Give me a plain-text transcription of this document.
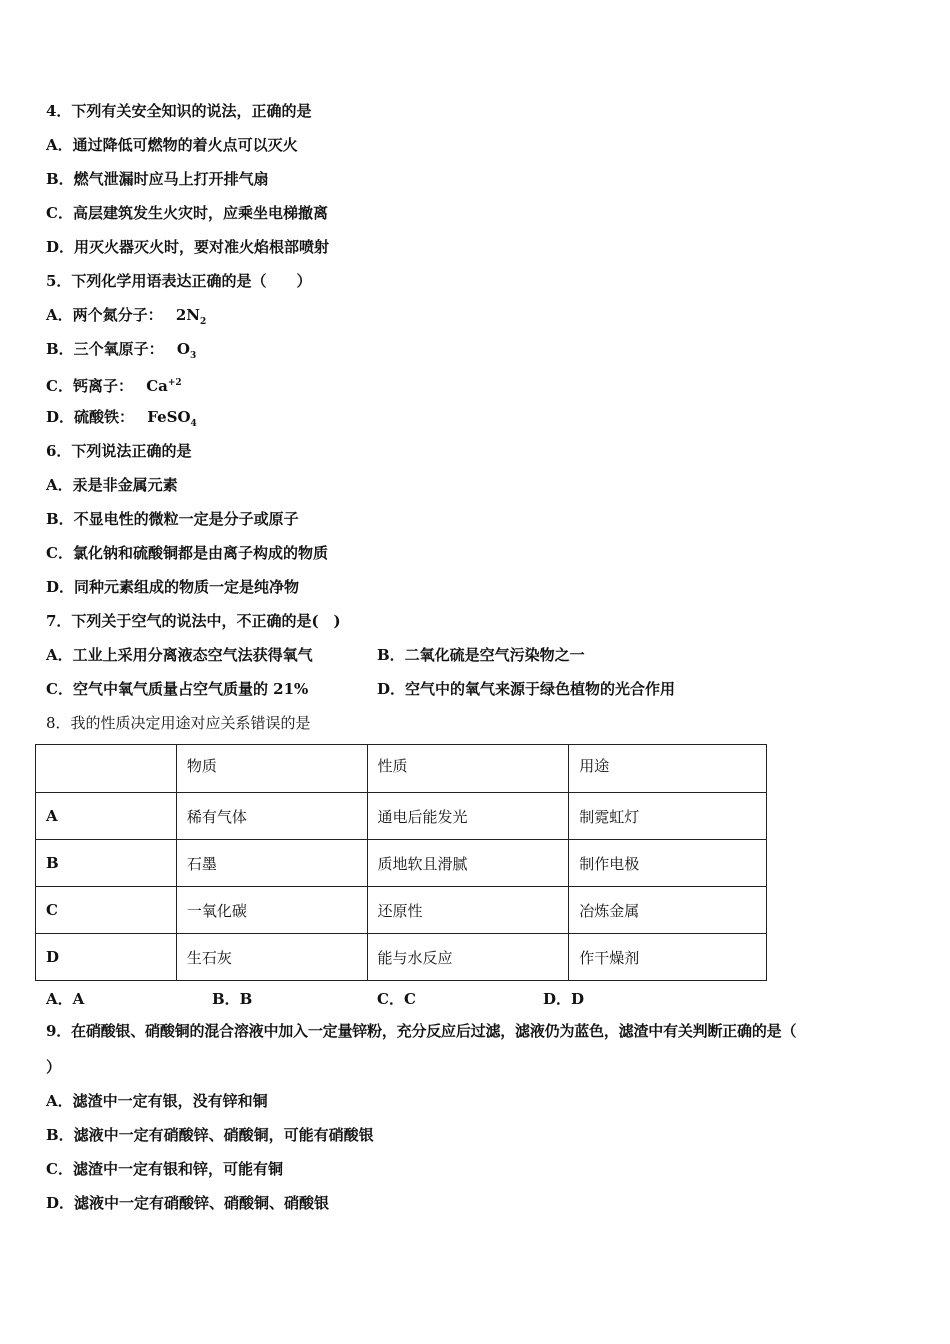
4．下列有关安全知识的说法，正确的是
A．通过降低可燃物的着火点可以灭火
B．燃气泄漏时应马上打开排气扇
C．高层建筑发生火灾时，应乘坐电梯撤离
D．用灭火器灭火时，要对准火焰根部喷射
5．下列化学用语表达正确的是（　　）
A．两个氮分子： $2N_2$
B．三个氧原子： $O_3$
C．钙离子： $Ca^{+2}$
D．硫酸铁： FeSO$_4$
6．下列说法正确的是
A．汞是非金属元素
B．不显电性的微粒一定是分子或原子
C．氯化钠和硫酸铜都是由离子构成的物质
D．同种元素组成的物质一定是纯净物
7．下列关于空气的说法中，不正确的是(　)
A．工业上采用分离液态空气法获得氧气	B．二氧化硫是空气污染物之一
C．空气中氧气质量占空气质量的 21%	D．空气中的氧气来源于绿色植物的光合作用
8．我的性质决定用途对应关系错误的是
	物质	性质	用途
A	稀有气体	通电后能发光	制霓虹灯
B	石墨	质地软且滑腻	制作电极
C	一氧化碳	还原性	冶炼金属
D	生石灰	能与水反应	作干燥剂
A．A	B．B	C．C	D．D
9．在硝酸银、硝酸铜的混合溶液中加入一定量锌粉，充分反应后过滤，滤液仍为蓝色，滤渣中有关判断正确的是（
）
A．滤渣中一定有银，没有锌和铜
B．滤液中一定有硝酸锌、硝酸铜，可能有硝酸银
C．滤渣中一定有银和锌，可能有铜
D．滤液中一定有硝酸锌、硝酸铜、硝酸银
